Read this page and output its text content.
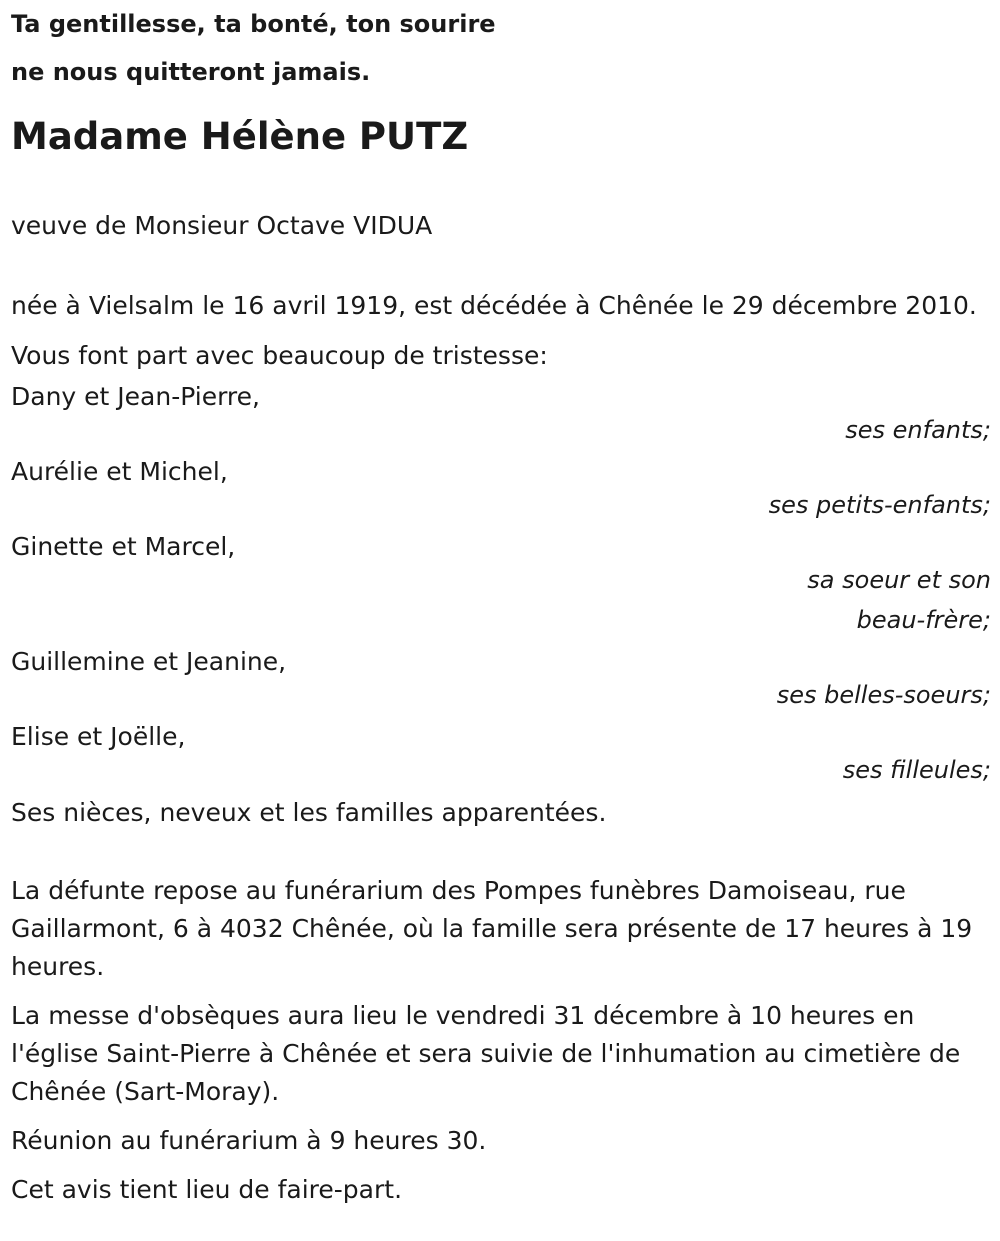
Ta gentillesse, ta bonté, ton sourire
ne nous quitteront jamais.
Madame Hélène PUTZ

veuve de Monsieur Octave VIDUA

née à Vielsalm le 16 avril 1919, est décédée à Chênée le 29 décembre 2010.

Vous font part avec beaucoup de tristesse:

Dany et Jean-Pierre,
ses enfants;
Aurélie et Michel,
ses petits-enfants;
Ginette et Marcel,
sa soeur et son beau-frère;
Guillemine et Jeanine,
ses belles-soeurs;
Elise et Joëlle,
ses filleules;

Ses nièces, neveux et les familles apparentées.

La défunte repose au funérarium des Pompes funèbres Damoiseau, rue Gaillarmont, 6 à 4032 Chênée, où la famille sera présente de 17 heures à 19 heures.

La messe d'obsèques aura lieu le vendredi 31 décembre à 10 heures en l'église Saint-Pierre à Chênée et sera suivie de l'inhumation au cimetière de Chênée (Sart-Moray).

Réunion au funérarium à 9 heures 30.

Cet avis tient lieu de faire-part.
